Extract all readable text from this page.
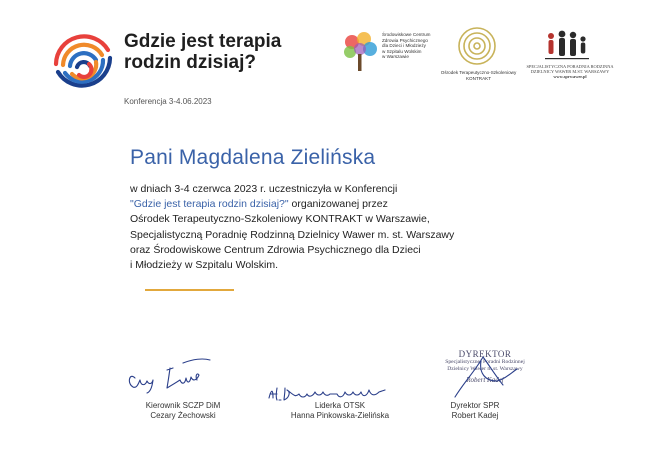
Gdzie jest terapia rodzin dzisiaj?
Konferencja 3-4.06.2023
Środowiskowe Centrum
Zdrowia Psychicznego
dla Dzieci i Młodzieży
w Szpitalu Wolskim
w Warszawie
Ośrodek Terapeutyczno-Szkoleniowy KONTRAKT
SPECJALISTYCZNA PORADNIA RODZINNA
DZIELNICY WAWER M.ST. WARSZAWY
www.sprwawer.pl
Pani Magdalena Zielińska

w dniach 3-4 czerwca 2023 r. uczestniczyła w Konferencji

"Gdzie jest terapia rodzin dzisiaj?" organizowanej przez

Ośrodek Terapeutyczno-Szkoleniowy KONTRAKT w Warszawie,

Specjalistyczną Poradnię Rodzinną Dzielnicy Wawer m. st. Warszawy

oraz Środowiskowe Centrum Zdrowia Psychicznego dla Dzieci

i Młodzieży w Szpitalu Wolskim.

DYREKTOR
Specjalistycznej Poradni Rodzinnej
Dzielnicy Wawer m.st. Warszawy
Robert Kadej
Kierownik SCZP DiM
Cezary Żechowski
Liderka OTSK
Hanna Pinkowska-Zielińska
Dyrektor SPR
Robert Kadej
